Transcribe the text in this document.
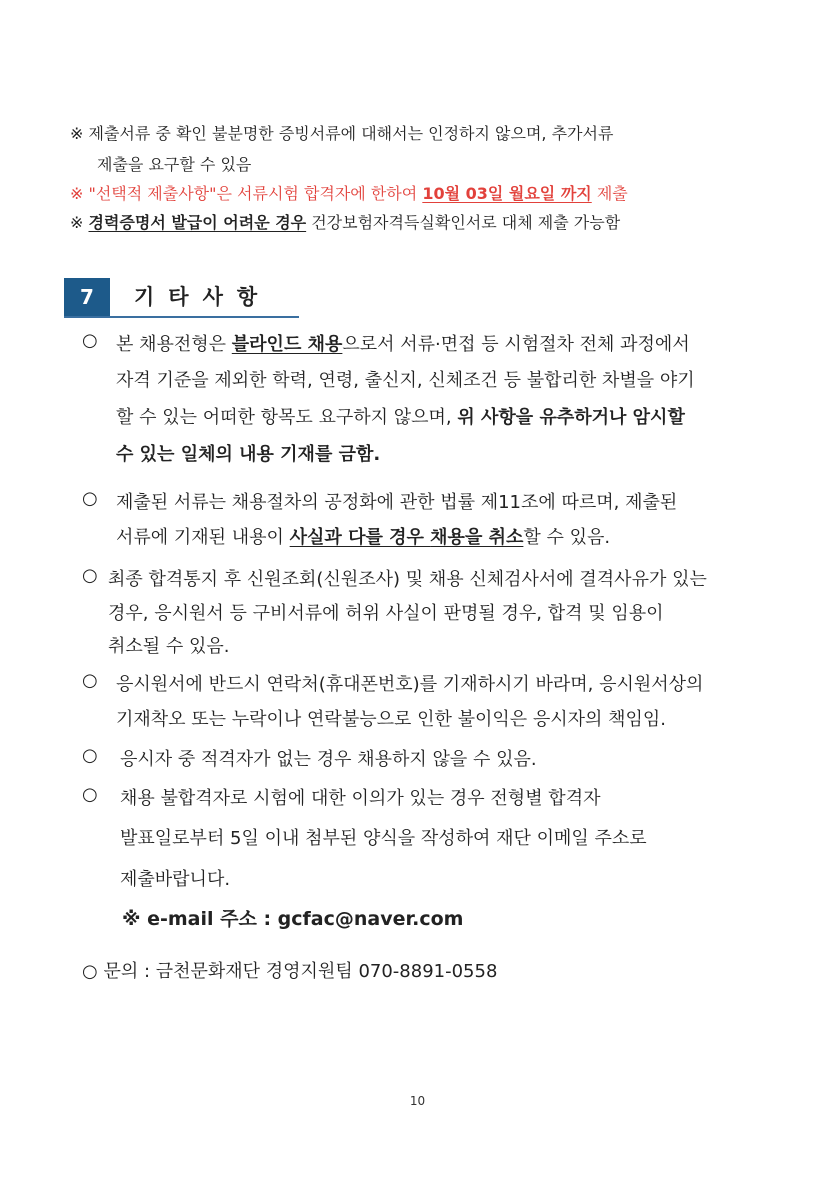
※ 제출서류 중 확인 불분명한 증빙서류에 대해서는 인정하지 않으며, 추가서류
제출을 요구할 수 있음
※ "선택적 제출사항"은 서류시험 합격자에 한하여 10월 03일 월요일 까지 제출
※ 경력증명서 발급이 어려운 경우 건강보험자격득실확인서로 대체 제출 가능함
7	기타사항
○ 본 채용전형은 블라인드 채용으로서 서류·면접 등 시험절차 전체 과정에서
자격 기준을 제외한 학력, 연령, 출신지, 신체조건 등 불합리한 차별을 야기
할 수 있는 어떠한 항목도 요구하지 않으며, 위 사항을 유추하거나 암시할
수 있는 일체의 내용 기재를 금함.
○ 제출된 서류는 채용절차의 공정화에 관한 법률 제11조에 따르며, 제출된
서류에 기재된 내용이 사실과 다를 경우 채용을 취소할 수 있음.
○ 최종 합격통지 후 신원조회(신원조사) 및 채용 신체검사서에 결격사유가 있는
경우, 응시원서 등 구비서류에 허위 사실이 판명될 경우, 합격 및 임용이
취소될 수 있음.
○ 응시원서에 반드시 연락처(휴대폰번호)를 기재하시기 바라며, 응시원서상의
기재착오 또는 누락이나 연락불능으로 인한 불이익은 응시자의 책임임.
○ 응시자 중 적격자가 없는 경우 채용하지 않을 수 있음.
○ 채용 불합격자로 시험에 대한 이의가 있는 경우 전형별 합격자
발표일로부터 5일 이내 첨부된 양식을 작성하여 재단 이메일 주소로
제출바랍니다.
※ e-mail 주소 : gcfac@naver.com
○ 문의 : 금천문화재단 경영지원팀 070-8891-0558
10
